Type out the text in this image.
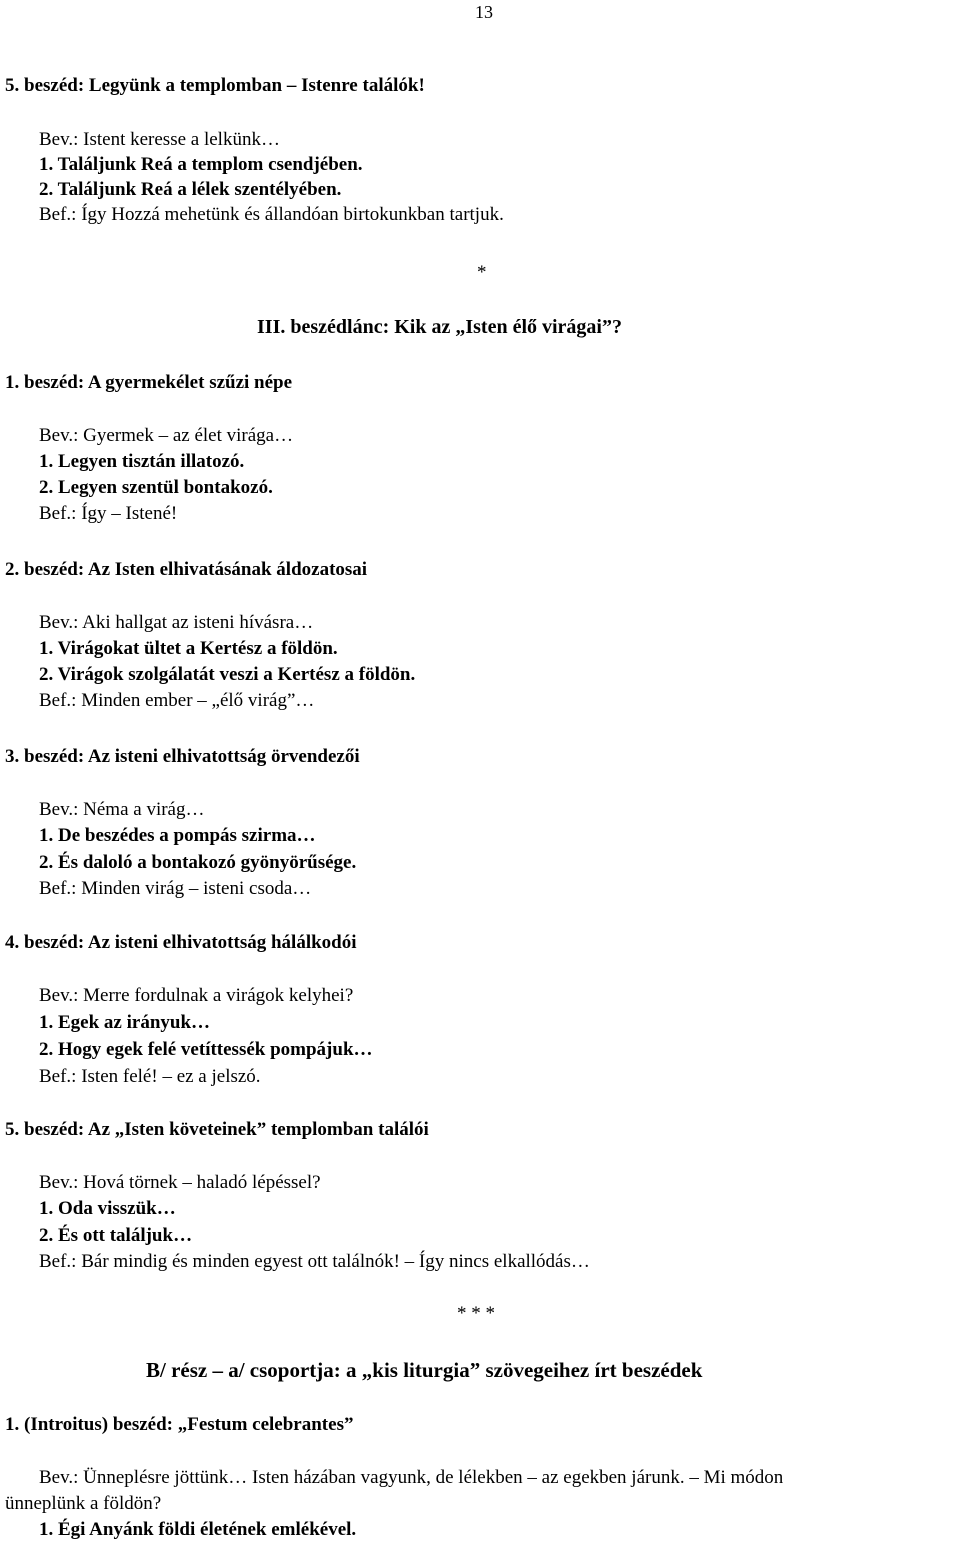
13
5. beszéd: Legyünk a templomban – Istenre találók!
Bev.: Istent keresse a lelkünk…
1. Találjunk Reá a templom csendjében.
2. Találjunk Reá a lélek szentélyében.
Bef.: Így Hozzá mehetünk és állandóan birtokunkban tartjuk.
*
III. beszédlánc: Kik az „Isten élő virágai”?
1. beszéd: A gyermekélet szűzi népe
Bev.: Gyermek – az élet virága…
1. Legyen tisztán illatozó.
2. Legyen szentül bontakozó.
Bef.: Így – Istené!
2. beszéd: Az Isten elhivatásának áldozatosai
Bev.: Aki hallgat az isteni hívásra…
1. Virágokat ültet a Kertész a földön.
2. Virágok szolgálatát veszi a Kertész a földön.
Bef.: Minden ember – „élő virág”…
3. beszéd: Az isteni elhivatottság örvendezői
Bev.: Néma a virág…
1. De beszédes a pompás szirma…
2. És daloló a bontakozó gyönyörűsége.
Bef.: Minden virág – isteni csoda…
4. beszéd: Az isteni elhivatottság hálálkodói
Bev.: Merre fordulnak a virágok kelyhei?
1. Egek az irányuk…
2. Hogy egek felé vetíttessék pompájuk…
Bef.: Isten felé! – ez a jelszó.
5. beszéd: Az „Isten követeinek” templomban találói
Bev.: Hová törnek – haladó lépéssel?
1. Oda visszük…
2. És ott találjuk…
Bef.: Bár mindig és minden egyest ott találnók! – Így nincs elkallódás…
* * *
B/ rész – a/ csoportja: a „kis liturgia” szövegeihez írt beszédek
1. (Introitus) beszéd: „Festum celebrantes”
Bev.: Ünneplésre jöttünk… Isten házában vagyunk, de lélekben – az egekben járunk. – Mi módon
ünneplünk a földön?
1. Égi Anyánk földi életének emlékével.
